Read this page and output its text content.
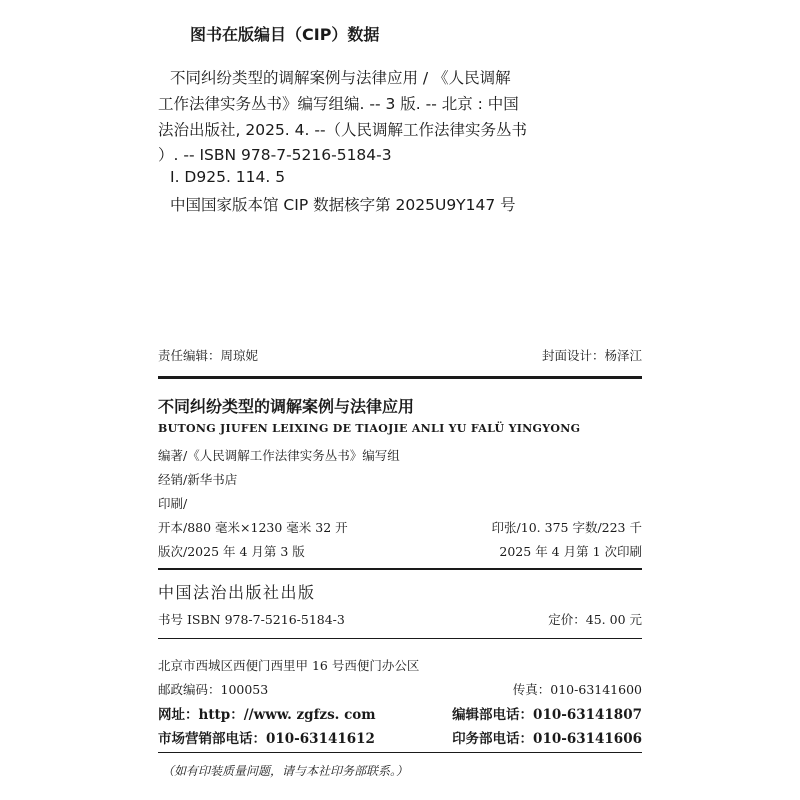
图书在版编目（CIP）数据
不同纠纷类型的调解案例与法律应用 / 《人民调解
工作法律实务丛书》编写组编. -- 3 版. -- 北京 : 中国
法治出版社, 2025. 4. --（人民调解工作法律实务丛书
）. -- ISBN 978-7-5216-5184-3
Ⅰ. D925. 114. 5
中国国家版本馆 CIP 数据核字第 2025U9Y147 号
责任编辑：周琼妮	封面设计：杨泽江
不同纠纷类型的调解案例与法律应用
BUTONG JIUFEN LEIXING DE TIAOJIE ANLI YU FALÜ YINGYONG
编著/《人民调解工作法律实务丛书》编写组
经销/新华书店
印刷/
开本/880 毫米×1230 毫米 32 开	印张/10. 375 字数/223 千
版次/2025 年 4 月第 3 版	2025 年 4 月第 1 次印刷
中国法治出版社出版
书号 ISBN 978-7-5216-5184-3	定价：45. 00 元
北京市西城区西便门西里甲 16 号西便门办公区
邮政编码：100053	传真：010-63141600
网址：http：//www. zgfzs. com	编辑部电话：010-63141807
市场营销部电话：010-63141612	印务部电话：010-63141606
（如有印装质量问题，请与本社印务部联系。）
